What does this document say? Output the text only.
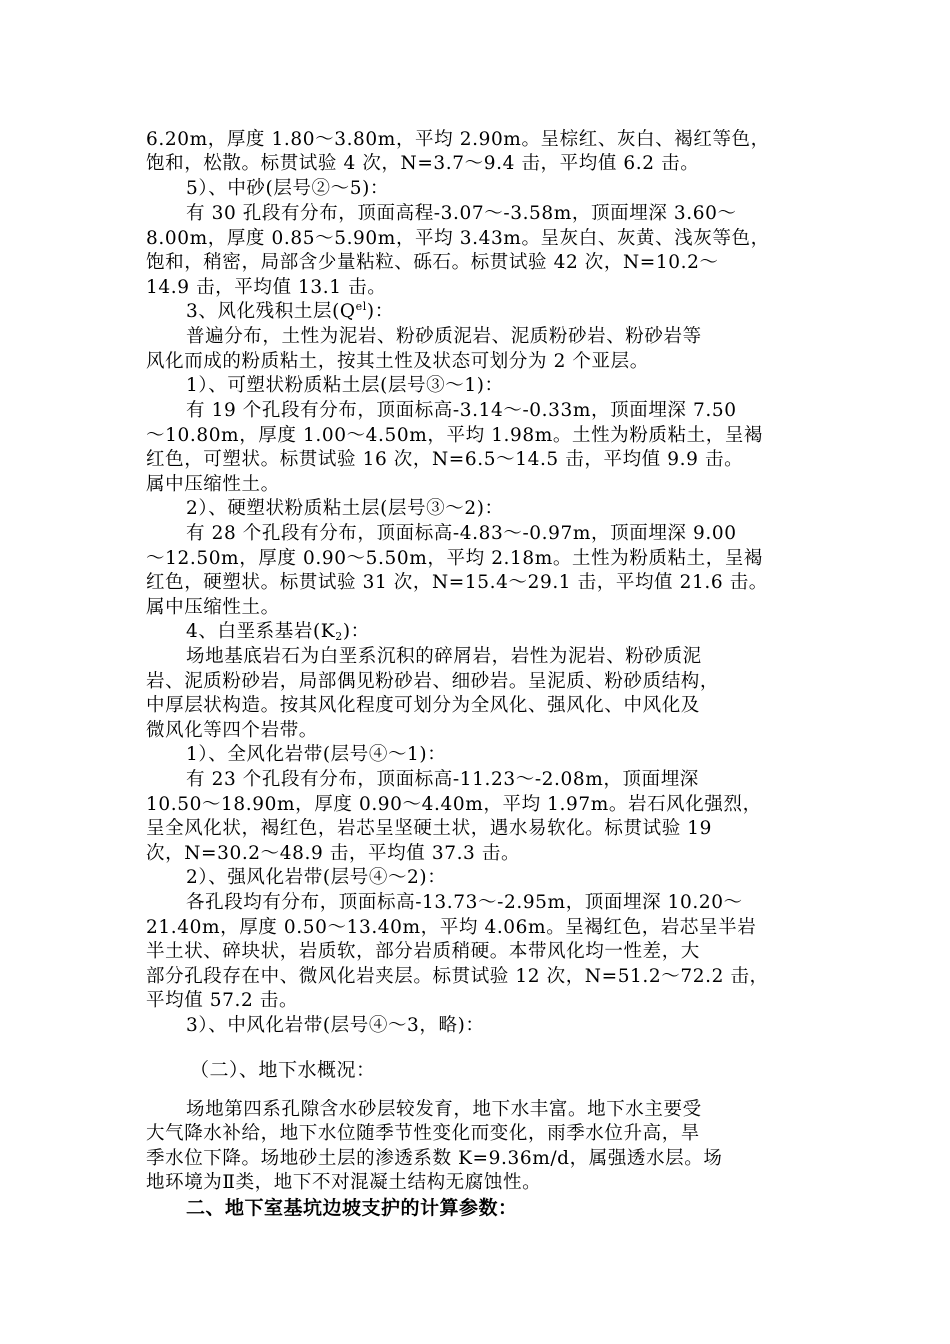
6.20m，厚度 1.80～3.80m，平均 2.90m。呈棕红、灰白、褐红等色，

饱和，松散。标贯试验 4 次，N=3.7～9.4 击，平均值 6.2 击。

5）、中砂(层号②～5)：

有 30 孔段有分布，顶面高程-3.07～-3.58m，顶面埋深 3.60～

8.00m，厚度 0.85～5.90m，平均 3.43m。呈灰白、灰黄、浅灰等色，

饱和，稍密，局部含少量粘粒、砾石。标贯试验 42 次，N=10.2～

14.9 击，平均值 13.1 击。

3、风化残积土层$(Q^{el})$：

普遍分布，土性为泥岩、粉砂质泥岩、泥质粉砂岩、粉砂岩等

风化而成的粉质粘土，按其土性及状态可划分为 2 个亚层。

1）、可塑状粉质粘土层(层号③～1)：

有 19 个孔段有分布，顶面标高-3.14～-0.33m，顶面埋深 7.50

～10.80m，厚度 1.00～4.50m，平均 1.98m。土性为粉质粘土，呈褐

红色，可塑状。标贯试验 16 次，N=6.5～14.5 击，平均值 9.9 击。

属中压缩性土。

2）、硬塑状粉质粘土层(层号③～2)：

有 28 个孔段有分布，顶面标高-4.83～-0.97m，顶面埋深 9.00

～12.50m，厚度 0.90～5.50m，平均 2.18m。土性为粉质粘土，呈褐

红色，硬塑状。标贯试验 31 次，N=15.4～29.1 击，平均值 21.6 击。

属中压缩性土。

4、白垩系基岩$(K_2)$：

场地基底岩石为白垩系沉积的碎屑岩，岩性为泥岩、粉砂质泥

岩、泥质粉砂岩，局部偶见粉砂岩、细砂岩。呈泥质、粉砂质结构，

中厚层状构造。按其风化程度可划分为全风化、强风化、中风化及

微风化等四个岩带。

1）、全风化岩带(层号④～1)：

有 23 个孔段有分布，顶面标高-11.23～-2.08m，顶面埋深

10.50～18.90m，厚度 0.90～4.40m，平均 1.97m。岩石风化强烈，

呈全风化状，褐红色，岩芯呈坚硬土状，遇水易软化。标贯试验 19

次，N=30.2～48.9 击，平均值 37.3 击。

2）、强风化岩带(层号④～2)：

各孔段均有分布，顶面标高-13.73～-2.95m，顶面埋深 10.20～

21.40m，厚度 0.50～13.40m，平均 4.06m。呈褐红色，岩芯呈半岩

半土状、碎块状，岩质软，部分岩质稍硬。本带风化均一性差，大

部分孔段存在中、微风化岩夹层。标贯试验 12 次，N=51.2～72.2 击，

平均值 57.2 击。

3）、中风化岩带(层号④～3，略)：

（二）、地下水概况：

场地第四系孔隙含水砂层较发育，地下水丰富。地下水主要受

大气降水补给，地下水位随季节性变化而变化，雨季水位升高，旱

季水位下降。场地砂土层的渗透系数 K=9.36m/d，属强透水层。场

地环境为Ⅱ类，地下不对混凝土结构无腐蚀性。

二、地下室基坑边坡支护的计算参数：
